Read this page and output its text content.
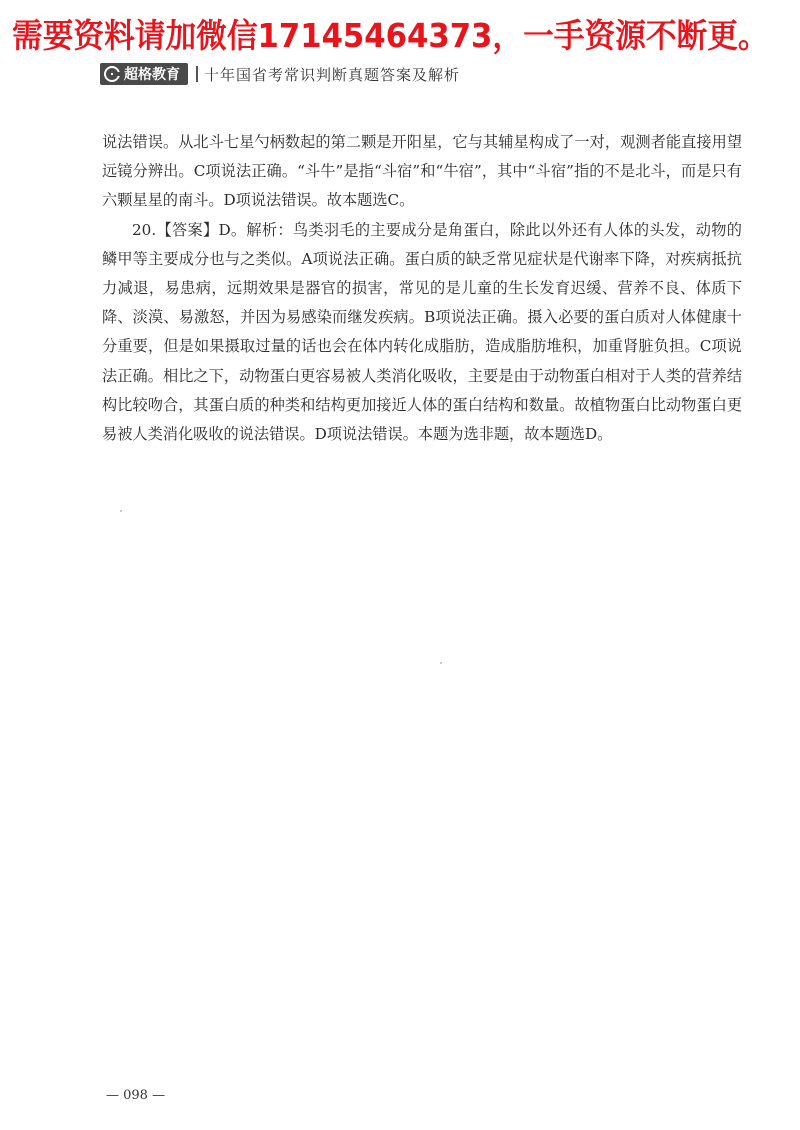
需要资料请加微信17145464373，一手资源不断更。
超格教育 十年国省考常识判断真题答案及解析

说法错误。从北斗七星勺柄数起的第二颗是开阳星，它与其辅星构成了一对，观测者能直接用望远镜分辨出。C项说法正确。“斗牛”是指“斗宿”和“牛宿”，其中“斗宿”指的不是北斗，而是只有六颗星星的南斗。D项说法错误。故本题选C。

20.【答案】D。解析：鸟类羽毛的主要成分是角蛋白，除此以外还有人体的头发，动物的鳞甲等主要成分也与之类似。A项说法正确。蛋白质的缺乏常见症状是代谢率下降，对疾病抵抗力减退，易患病，远期效果是器官的损害，常见的是儿童的生长发育迟缓、营养不良、体质下降、淡漠、易激怒，并因为易感染而继发疾病。B项说法正确。摄入必要的蛋白质对人体健康十分重要，但是如果摄取过量的话也会在体内转化成脂肪，造成脂肪堆积，加重肾脏负担。C项说法正确。相比之下，动物蛋白更容易被人类消化吸收，主要是由于动物蛋白相对于人类的营养结构比较吻合，其蛋白质的种类和结构更加接近人体的蛋白结构和数量。故植物蛋白比动物蛋白更易被人类消化吸收的说法错误。D项说法错误。本题为选非题，故本题选D。

— 098 —
